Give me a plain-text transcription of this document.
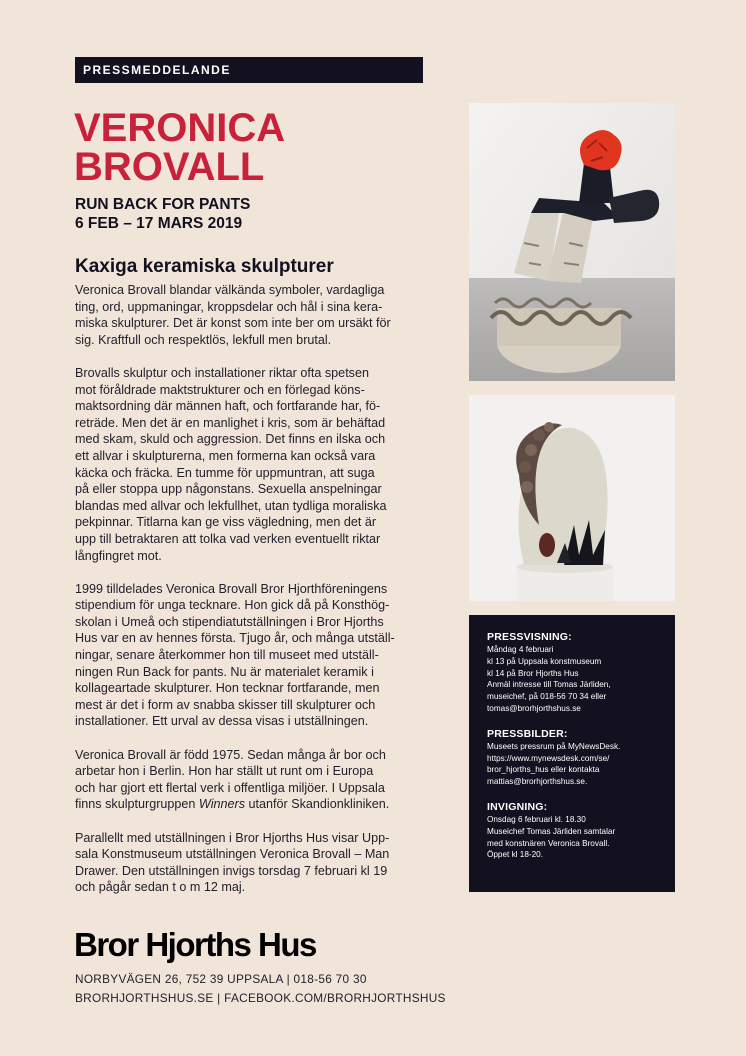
PRESSMEDDELANDE
VERONICA
BROVALL
RUN BACK FOR PANTS
6 FEB – 17 MARS 2019
Kaxiga keramiska skulpturer

Veronica Brovall blandar välkända symboler, vardagliga
ting, ord, uppmaningar, kroppsdelar och hål i sina kera-
miska skulpturer. Det är konst som inte ber om ursäkt för
sig. Kraftfull och respektlös, lekfull men brutal.

Brovalls skulptur och installationer riktar ofta spetsen
mot föråldrade maktstrukturer och en förlegad köns-
maktsordning där männen haft, och fortfarande har, fö-
reträde. Men det är en manlighet i kris, som är behäftad
med skam, skuld och aggression. Det finns en ilska och
ett allvar i skulpturerna, men formerna kan också vara
käcka och fräcka. En tumme för uppmuntran, att suga
på eller stoppa upp någonstans. Sexuella anspelningar
blandas med allvar och lekfullhet, utan tydliga moraliska
pekpinnar. Titlarna kan ge viss vägledning, men det är
upp till betraktaren att tolka vad verken eventuellt riktar
långfingret mot.

1999 tilldelades Veronica Brovall Bror Hjorthföreningens
stipendium för unga tecknare. Hon gick då på Konsthög-
skolan i Umeå och stipendiatutställningen i Bror Hjorths
Hus var en av hennes första. Tjugo år, och många utställ-
ningar, senare återkommer hon till museet med utställ-
ningen Run Back for pants. Nu är materialet keramik i
kollageartade skulpturer. Hon tecknar fortfarande, men
mest är det i form av snabba skisser till skulpturer och
installationer. Ett urval av dessa visas i utställningen.

Veronica Brovall är född 1975. Sedan många år bor och
arbetar hon i Berlin. Hon har ställt ut runt om i Europa
och har gjort ett flertal verk i offentliga miljöer. I Uppsala
finns skulpturgruppen Winners utanför Skandionkliniken.

Parallellt med utställningen i Bror Hjorths Hus visar Upp-
sala Konstmuseum utställningen Veronica Brovall – Man
Drawer. Den utställningen invigs torsdag 7 februari kl 19
och pågår sedan t o m 12 maj.

PRESSVISNING:
Måndag 4 februari
kl 13 på Uppsala konstmuseum
kl 14 på Bror Hjorths Hus
Anmäl intresse till Tomas Järliden,
museichef, på 018-56 70 34 eller
tomas@brorhjorthshus.se
PRESSBILDER:
Museets pressrum på MyNewsDesk.
https://www.mynewsdesk.com/se/
bror_hjorths_hus eller kontakta
mattias@brorhjorthshus.se.
INVIGNING:
Onsdag 6 februari kl. 18.30
Museichef Tomas Järliden samtalar
med konstnären Veronica Brovall.
Öppet kl 18-20.
Bror Hjorths Hus
NORBYVÄGEN 26, 752 39 UPPSALA | 018-56 70 30
BRORHJORTHSHUS.SE | FACEBOOK.COM/BRORHJORTHSHUS
